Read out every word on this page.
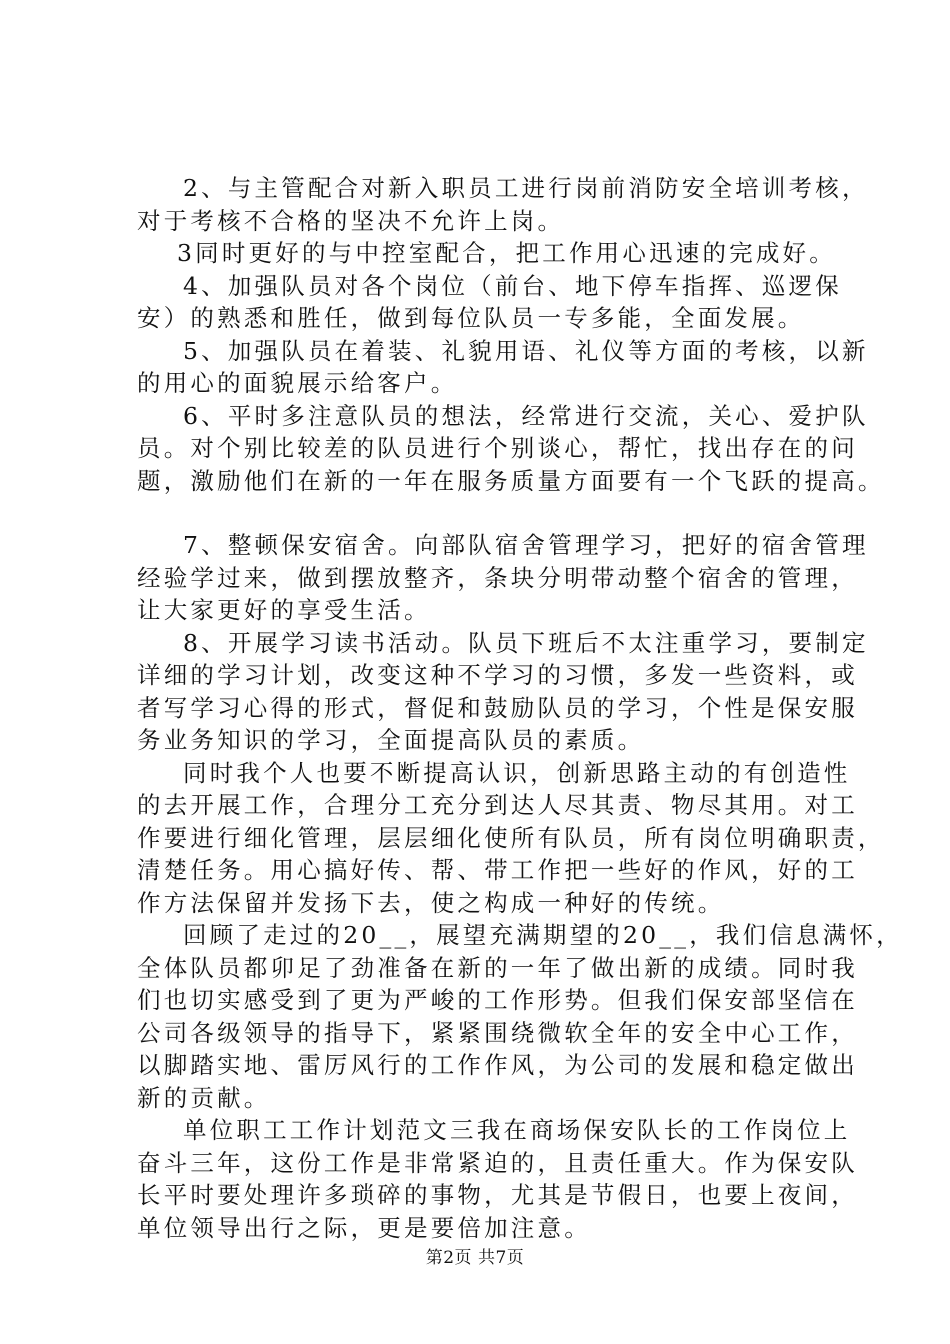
2、与主管配合对新入职员工进行岗前消防安全培训考核，
对于考核不合格的坚决不允许上岗。

3同时更好的与中控室配合，把工作用心迅速的完成好。

4、加强队员对各个岗位（前台、地下停车指挥、巡逻保
安）的熟悉和胜任，做到每位队员一专多能，全面发展。

5、加强队员在着装、礼貌用语、礼仪等方面的考核，以新
的用心的面貌展示给客户。

6、平时多注意队员的想法，经常进行交流，关心、爱护队
员。对个别比较差的队员进行个别谈心，帮忙，找出存在的问
题，激励他们在新的一年在服务质量方面要有一个飞跃的提高。

7、整顿保安宿舍。向部队宿舍管理学习，把好的宿舍管理
经验学过来，做到摆放整齐，条块分明带动整个宿舍的管理，
让大家更好的享受生活。

8、开展学习读书活动。队员下班后不太注重学习，要制定
详细的学习计划，改变这种不学习的习惯，多发一些资料，或
者写学习心得的形式，督促和鼓励队员的学习，个性是保安服
务业务知识的学习，全面提高队员的素质。

同时我个人也要不断提高认识，创新思路主动的有创造性
的去开展工作，合理分工充分到达人尽其责、物尽其用。对工
作要进行细化管理，层层细化使所有队员，所有岗位明确职责，
清楚任务。用心搞好传、帮、带工作把一些好的作风，好的工
作方法保留并发扬下去，使之构成一种好的传统。

回顾了走过的20__，展望充满期望的20__，我们信息满怀，
全体队员都卯足了劲准备在新的一年了做出新的成绩。同时我
们也切实感受到了更为严峻的工作形势。但我们保安部坚信在
公司各级领导的指导下，紧紧围绕微软全年的安全中心工作，
以脚踏实地、雷厉风行的工作作风，为公司的发展和稳定做出
新的贡献。

单位职工工作计划范文三我在商场保安队长的工作岗位上
奋斗三年，这份工作是非常紧迫的，且责任重大。作为保安队
长平时要处理许多琐碎的事物，尤其是节假日，也要上夜间，
单位领导出行之际，更是要倍加注意。

第2页 共7页
